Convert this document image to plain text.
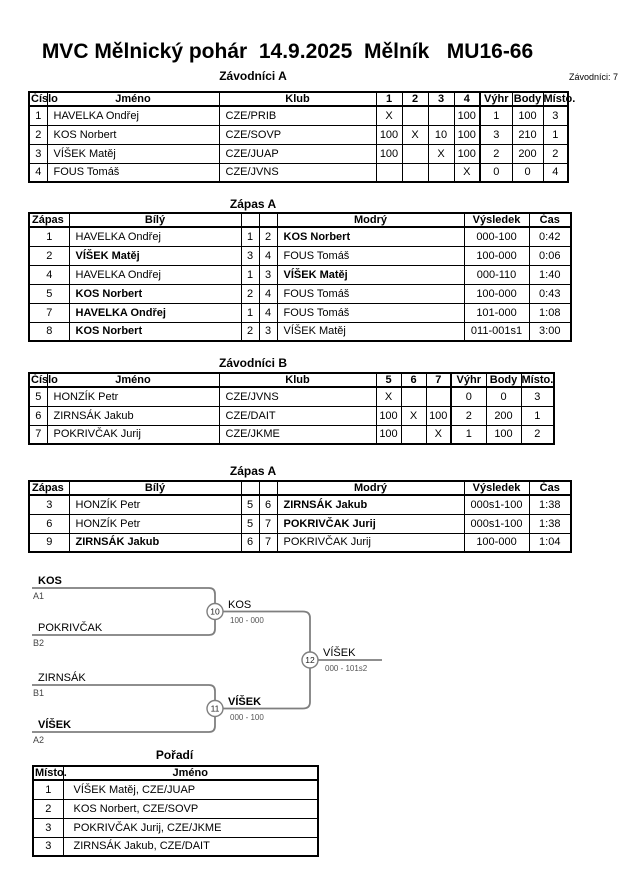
MVC Mělnický pohár  14.9.2025  Mělník   MU16-66
Závodníci A	Závodníci: 7
Číslo	Jméno	Klub	1	2	3	4	Výhr	Body	Místo.
1	HAVELKA Ondřej	CZE/PRIB	X			100	1	100	3
2	KOS Norbert	CZE/SOVP	100	X	10	100	3	210	1
3	VÍŠEK Matěj	CZE/JUAP	100		X	100	2	200	2
4	FOUS Tomáš	CZE/JVNS				X	0	0	4
Zápas A
Zápas	Bílý			Modrý	Výsledek	Čas
1	HAVELKA Ondřej	1	2	KOS Norbert	000-100	0:42
2	VÍŠEK Matěj	3	4	FOUS Tomáš	100-000	0:06
4	HAVELKA Ondřej	1	3	VÍŠEK Matěj	000-110	1:40
5	KOS Norbert	2	4	FOUS Tomáš	100-000	0:43
7	HAVELKA Ondřej	1	4	FOUS Tomáš	101-000	1:08
8	KOS Norbert	2	3	VÍŠEK Matěj	011-001s1	3:00
Závodníci B
Číslo	Jméno	Klub	5	6	7	Výhr	Body	Místo.
5	HONZÍK Petr	CZE/JVNS	X			0	0	3
6	ZIRNSÁK Jakub	CZE/DAIT	100	X	100	2	200	1
7	POKRIVČAK Jurij	CZE/JKME	100		X	1	100	2
Zápas A
Zápas	Bílý			Modrý	Výsledek	Čas
3	HONZÍK Petr	5	6	ZIRNSÁK Jakub	000s1-100	1:38
6	HONZÍK Petr	5	7	POKRIVČAK Jurij	000s1-100	1:38
9	ZIRNSÁK Jakub	6	7	POKRIVČAK Jurij	100-000	1:04
KOS
A1
POKRIVČAK
B2
ZIRNSÁK
B1
VÍŠEK
A2
10
KOS
100 - 000
11
VÍŠEK
000 - 100
12
VÍŠEK
000 - 101s2
Pořadí
Místo.	Jméno
1	VÍŠEK Matěj, CZE/JUAP
2	KOS Norbert, CZE/SOVP
3	POKRIVČAK Jurij, CZE/JKME
3	ZIRNSÁK Jakub, CZE/DAIT
